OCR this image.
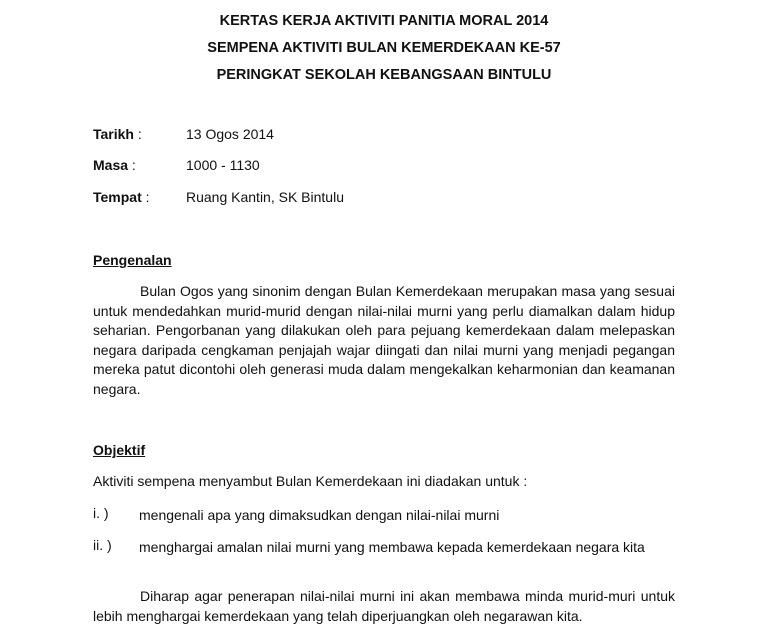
KERTAS KERJA AKTIVITI PANITIA MORAL 2014
SEMPENA AKTIVITI BULAN KEMERDEKAAN KE-57
PERINGKAT SEKOLAH KEBANGSAAN BINTULU
Tarikh :	13 Ogos 2014
Masa :	1000 - 1130
Tempat :	Ruang Kantin, SK Bintulu
Pengenalan
Bulan Ogos yang sinonim dengan Bulan Kemerdekaan merupakan masa yang sesuai untuk mendedahkan murid-murid dengan nilai-nilai murni yang perlu diamalkan dalam hidup seharian. Pengorbanan yang dilakukan oleh para pejuang kemerdekaan dalam melepaskan negara daripada cengkaman penjajah wajar diingati dan nilai murni yang menjadi pegangan mereka patut dicontohi oleh generasi muda dalam mengekalkan keharmonian dan keamanan negara.
Objektif
Aktiviti sempena menyambut Bulan Kemerdekaan ini diadakan untuk :
i. ) mengenali apa yang dimaksudkan dengan nilai-nilai murni
ii. ) menghargai amalan nilai murni yang membawa kepada kemerdekaan negara kita
Diharap agar penerapan nilai-nilai murni ini akan membawa minda murid-muri untuk lebih menghargai kemerdekaan yang telah diperjuangkan oleh negarawan kita.
